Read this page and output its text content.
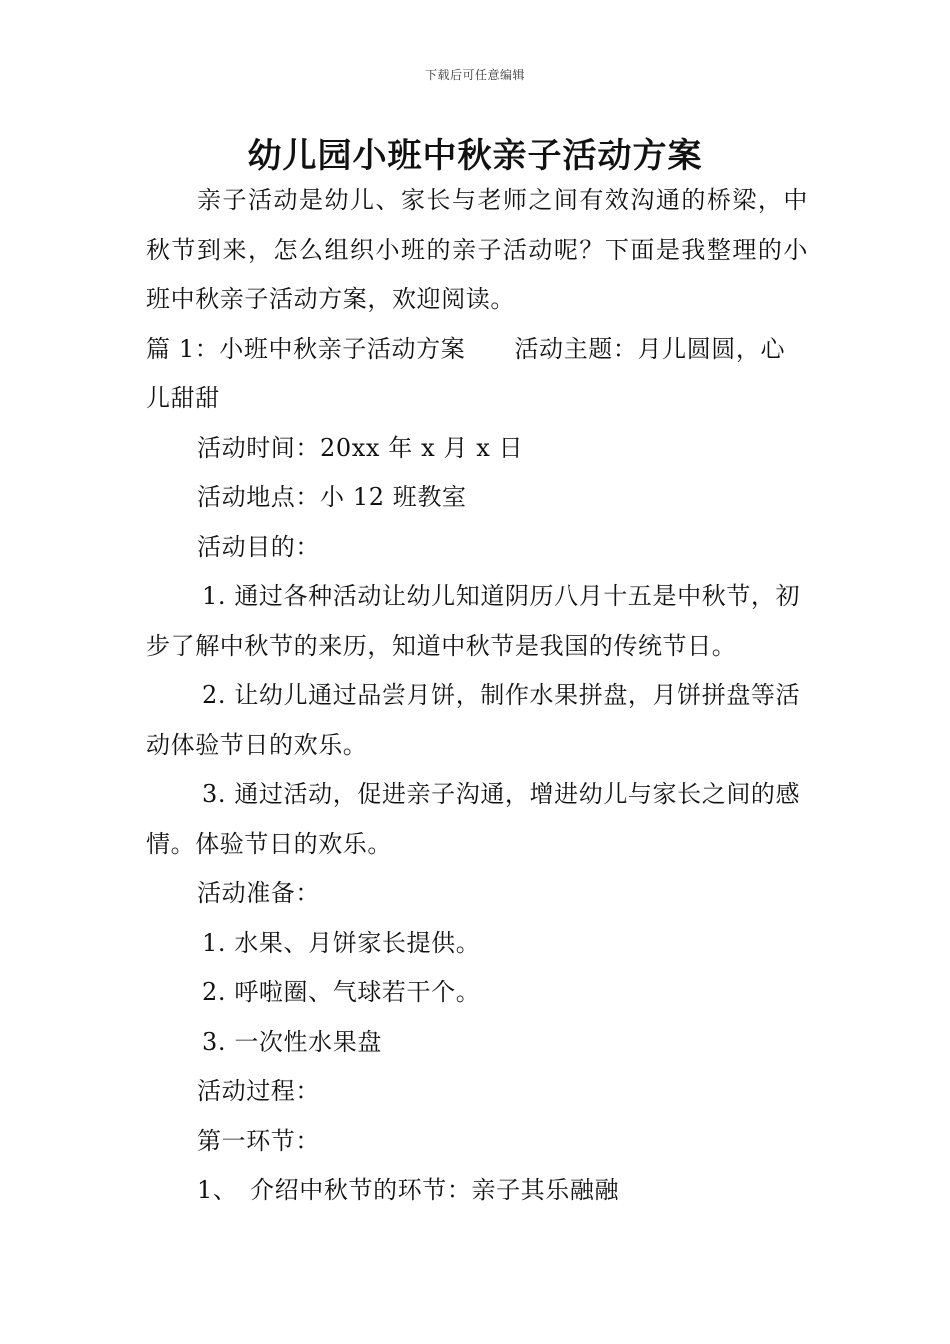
下载后可任意编辑
幼儿园小班中秋亲子活动方案

亲子活动是幼儿、家长与老师之间有效沟通的桥梁，中秋节到来，怎么组织小班的亲子活动呢？下面是我整理的小班中秋亲子活动方案，欢迎阅读。

篇 1：小班中秋亲子活动方案　　活动主题：月儿圆圆，心儿甜甜

活动时间：20xx 年 x 月 x 日

活动地点：小 12 班教室

活动目的：

1. 通过各种活动让幼儿知道阴历八月十五是中秋节，初步了解中秋节的来历，知道中秋节是我国的传统节日。

2. 让幼儿通过品尝月饼，制作水果拼盘，月饼拼盘等活动体验节日的欢乐。

3. 通过活动，促进亲子沟通，增进幼儿与家长之间的感情。体验节日的欢乐。

活动准备：

1. 水果、月饼家长提供。

2. 呼啦圈、气球若干个。

3. 一次性水果盘

活动过程：

第一环节：

1、　介绍中秋节的环节：亲子其乐融融
